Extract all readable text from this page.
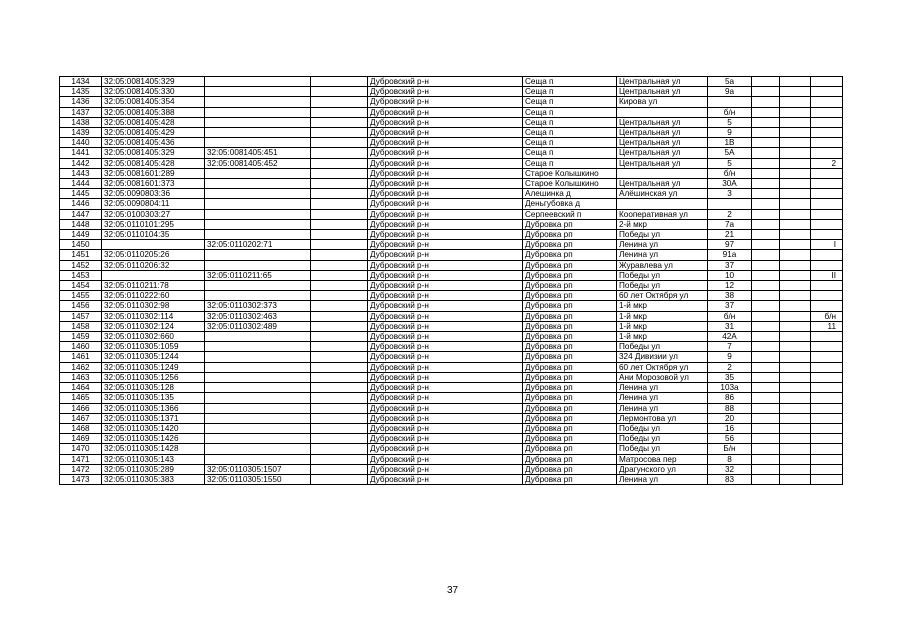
1434	32:05:0081405:329			Дубровский р-н	Сеща п	Центральная ул	5а			
1435	32:05:0081405:330			Дубровский р-н	Сеща п	Центральная ул	9а			
1436	32:05:0081405:354			Дубровский р-н	Сеща п	Кирова ул				
1437	32:05:0081405:388			Дубровский р-н	Сеща п		б/н			
1438	32:05:0081405:428			Дубровский р-н	Сеща п	Центральная ул	5			
1439	32:05:0081405:429			Дубровский р-н	Сеща п	Центральная ул	9			
1440	32:05:0081405:436			Дубровский р-н	Сеща п	Центральная ул	1В			
1441	32:05:0081405:329	32:05:0081405:451		Дубровский р-н	Сеща п	Центральная ул	5А			
1442	32:05:0081405:428	32:05:0081405:452		Дубровский р-н	Сеща п	Центральная ул	5			2
1443	32:05:0081601:289			Дубровский р-н	Старое Колышкино		б/н			
1444	32:05:0081601:373			Дубровский р-н	Старое Колышкино	Центральная ул	30А			
1445	32:05:0090803:36			Дубровский р-н	Алешинка д	Алёшинская ул	3			
1446	32:05:0090804:11			Дубровский р-н	Деньгубовка д					
1447	32:05:0100303:27			Дубровский р-н	Серпеевский п	Кооперативная ул	2			
1448	32:05:0110101:295			Дубровский р-н	Дубровка рп	2-й мкр	7а			
1449	32:05:0110104:35			Дубровский р-н	Дубровка рп	Победы ул	21			
1450		32:05:0110202:71		Дубровский р-н	Дубровка рп	Ленина ул	97			I
1451	32:05:0110205:26			Дубровский р-н	Дубровка рп	Ленина ул	91а			
1452	32:05:0110206:32			Дубровский р-н	Дубровка рп	Журавлева ул	37			
1453		32:05:0110211:65		Дубровский р-н	Дубровка рп	Победы ул	10			II
1454	32:05:0110211:78			Дубровский р-н	Дубровка рп	Победы ул	12			
1455	32:05:0110222:60			Дубровский р-н	Дубровка рп	60 лет Октября ул	38			
1456	32:05:0110302:98	32:05:0110302:373		Дубровский р-н	Дубровка рп	1-й мкр	37			
1457	32:05:0110302:114	32:05:0110302:463		Дубровский р-н	Дубровка рп	1-й мкр	б/н			б/н
1458	32:05:0110302:124	32:05:0110302:489		Дубровский р-н	Дубровка рп	1-й мкр	31			11
1459	32:05:0110302:660			Дубровский р-н	Дубровка рп	1-й мкр	42А			
1460	32:05:0110305:1059			Дубровский р-н	Дубровка рп	Победы ул	7			
1461	32:05:0110305:1244			Дубровский р-н	Дубровка рп	324 Дивизии ул	9			
1462	32:05:0110305:1249			Дубровский р-н	Дубровка рп	60 лет Октября ул	2			
1463	32:05:0110305:1256			Дубровский р-н	Дубровка рп	Ани Морозовой ул	35			
1464	32:05:0110305:128			Дубровский р-н	Дубровка рп	Ленина ул	103а			
1465	32:05:0110305:135			Дубровский р-н	Дубровка рп	Ленина ул	86			
1466	32:05:0110305:1366			Дубровский р-н	Дубровка рп	Ленина ул	88			
1467	32:05:0110305:1371			Дубровский р-н	Дубровка рп	Лермонтова ул	20			
1468	32:05:0110305:1420			Дубровский р-н	Дубровка рп	Победы ул	16			
1469	32:05:0110305:1426			Дубровский р-н	Дубровка рп	Победы ул	56			
1470	32:05:0110305:1428			Дубровский р-н	Дубровка рп	Победы ул	Б/н			
1471	32:05:0110305:143			Дубровский р-н	Дубровка рп	Матросова пер	8			
1472	32:05:0110305:289	32:05:0110305:1507		Дубровский р-н	Дубровка рп	Драгунского ул	32			
1473	32:05:0110305:383	32:05:0110305:1550		Дубровский р-н	Дубровка рп	Ленина ул	83			
37
